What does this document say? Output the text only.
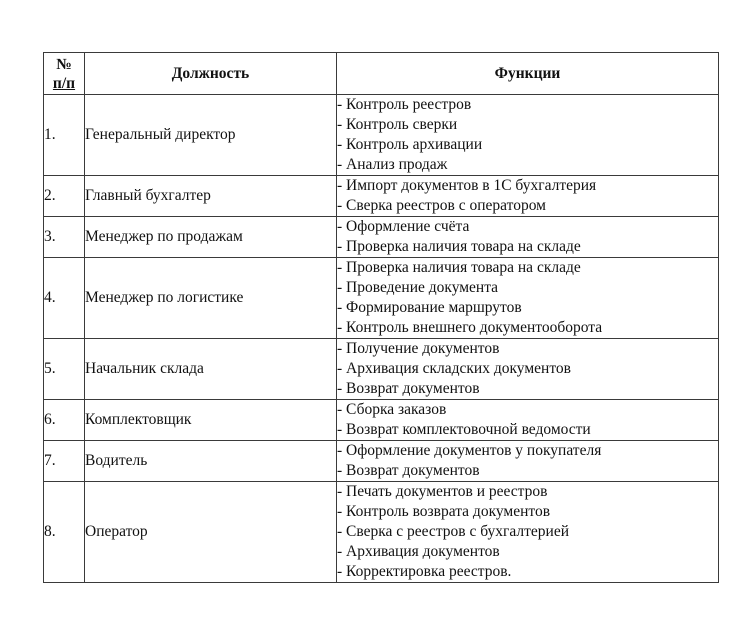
№
п/п	Должность	Функции
1.	Генеральный директор	- Контроль реестров
- Контроль сверки
- Контроль архивации
- Анализ продаж

2.	Главный бухгалтер	- Импорт документов в 1С бухгалтерия
- Сверка реестров с оператором

3.	Менеджер по продажам	- Оформление счёта
- Проверка наличия товара на складе

4.	Менеджер по логистике	- Проверка наличия товара на складе
- Проведение документа
- Формирование маршрутов
- Контроль внешнего документооборота

5.	Начальник склада	- Получение документов
- Архивация складских документов
- Возврат документов

6.	Комплектовщик	- Сборка заказов
- Возврат комплектовочной ведомости

7.	Водитель	- Оформление документов у покупателя
- Возврат документов

8.	Оператор	- Печать документов и реестров
- Контроль возврата документов
- Сверка с реестров с бухгалтерией
- Архивация документов
- Корректировка реестров.
